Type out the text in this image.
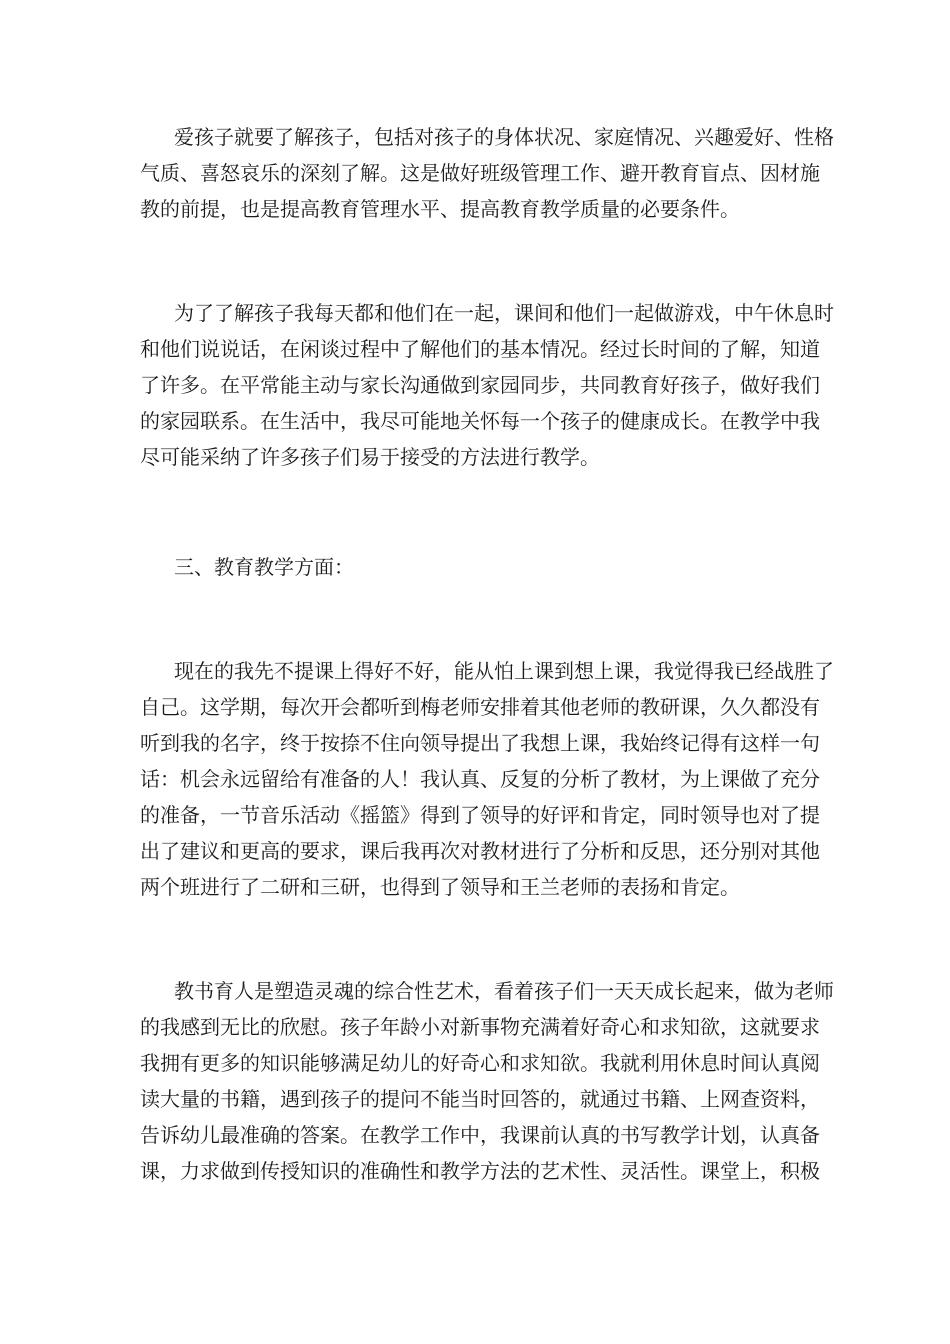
爱孩子就要了解孩子，包括对孩子的身体状况、家庭情况、兴趣爱好、性格
气质、喜怒哀乐的深刻了解。这是做好班级管理工作、避开教育盲点、因材施
教的前提，也是提高教育管理水平、提高教育教学质量的必要条件。
为了了解孩子我每天都和他们在一起，课间和他们一起做游戏，中午休息时
和他们说说话，在闲谈过程中了解他们的基本情况。经过长时间的了解，知道
了许多。在平常能主动与家长沟通做到家园同步，共同教育好孩子，做好我们
的家园联系。在生活中，我尽可能地关怀每一个孩子的健康成长。在教学中我
尽可能采纳了许多孩子们易于接受的方法进行教学。
三、教育教学方面：
现在的我先不提课上得好不好，能从怕上课到想上课，我觉得我已经战胜了
自己。这学期，每次开会都听到梅老师安排着其他老师的教研课，久久都没有
听到我的名字，终于按捺不住向领导提出了我想上课，我始终记得有这样一句
话：机会永远留给有准备的人！我认真、反复的分析了教材，为上课做了充分
的准备，一节音乐活动《摇篮》得到了领导的好评和肯定，同时领导也对了提
出了建议和更高的要求，课后我再次对教材进行了分析和反思，还分别对其他
两个班进行了二研和三研，也得到了领导和王兰老师的表扬和肯定。
教书育人是塑造灵魂的综合性艺术，看着孩子们一天天成长起来，做为老师
的我感到无比的欣慰。孩子年龄小对新事物充满着好奇心和求知欲，这就要求
我拥有更多的知识能够满足幼儿的好奇心和求知欲。我就利用休息时间认真阅
读大量的书籍，遇到孩子的提问不能当时回答的，就通过书籍、上网查资料，
告诉幼儿最准确的答案。在教学工作中，我课前认真的书写教学计划，认真备
课，力求做到传授知识的准确性和教学方法的艺术性、灵活性。课堂上，积极
